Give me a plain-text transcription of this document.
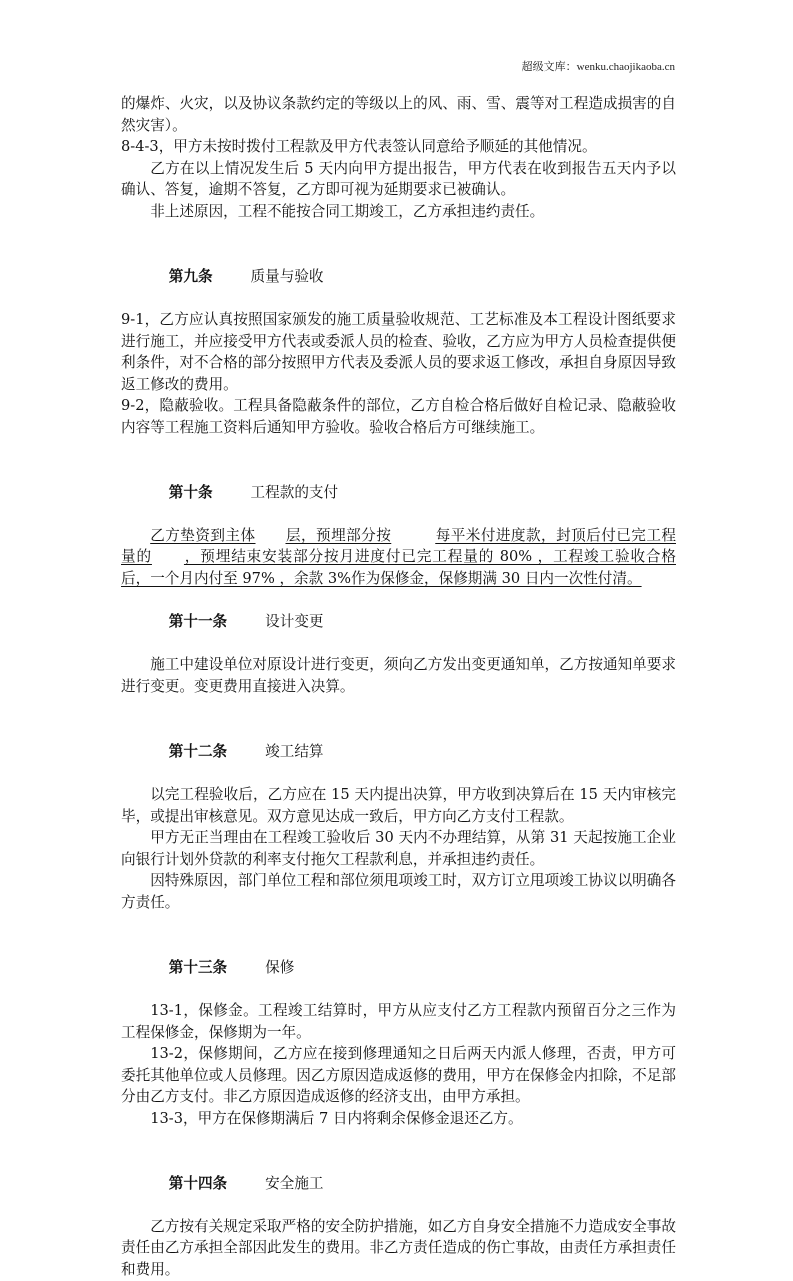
超级文库：wenku.chaojikaoba.cn

的爆炸、火灾，以及协议条款约定的等级以上的风、雨、雪、震等对工程造成损害的自然灾害）。

8-4-3，甲方未按时拨付工程款及甲方代表签认同意给予顺延的其他情况。

乙方在以上情况发生后 5 天内向甲方提出报告，甲方代表在收到报告五天内予以确认、答复，逾期不答复，乙方即可视为延期要求已被确认。

非上述原因，工程不能按合同工期竣工，乙方承担违约责任。

第九条	质量与验收

9-1，乙方应认真按照国家颁发的施工质量验收规范、工艺标准及本工程设计图纸要求进行施工，并应接受甲方代表或委派人员的检查、验收，乙方应为甲方人员检查提供便利条件，对不合格的部分按照甲方代表及委派人员的要求返工修改，承担自身原因导致返工修改的费用。

9-2，隐蔽验收。工程具备隐蔽条件的部位，乙方自检合格后做好自检记录、隐蔽验收内容等工程施工资料后通知甲方验收。验收合格后方可继续施工。

第十条	工程款的支付

乙方垫资到主体 层，预埋部分按	每平米付进度款，封顶后付已完工程量的 ，预埋结束安装部分按月进度付已完工程量的 80% ，工程竣工验收合格后，一个月内付至 97% ，余款 3%作为保修金，保修期满 30 日内一次性付清。

第十一条	设计变更

施工中建设单位对原设计进行变更，须向乙方发出变更通知单，乙方按通知单要求进行变更。变更费用直接进入决算。

第十二条	竣工结算

以完工程验收后，乙方应在 15 天内提出决算，甲方收到决算后在 15 天内审核完毕，或提出审核意见。双方意见达成一致后，甲方向乙方支付工程款。

甲方无正当理由在工程竣工验收后 30 天内不办理结算，从第 31 天起按施工企业向银行计划外贷款的利率支付拖欠工程款利息，并承担违约责任。

因特殊原因，部门单位工程和部位须甩项竣工时，双方订立甩项竣工协议以明确各方责任。

第十三条	保修

13-1，保修金。工程竣工结算时，甲方从应支付乙方工程款内预留百分之三作为工程保修金，保修期为一年。

13-2，保修期间，乙方应在接到修理通知之日后两天内派人修理，否责，甲方可委托其他单位或人员修理。因乙方原因造成返修的费用，甲方在保修金内扣除，不足部分由乙方支付。非乙方原因造成返修的经济支出，由甲方承担。

13-3，甲方在保修期满后 7 日内将剩余保修金退还乙方。

第十四条	安全施工

乙方按有关规定采取严格的安全防护措施，如乙方自身安全措施不力造成安全事故责任由乙方承担全部因此发生的费用。非乙方责任造成的伤亡事故，由责任方承担责任和费用。
